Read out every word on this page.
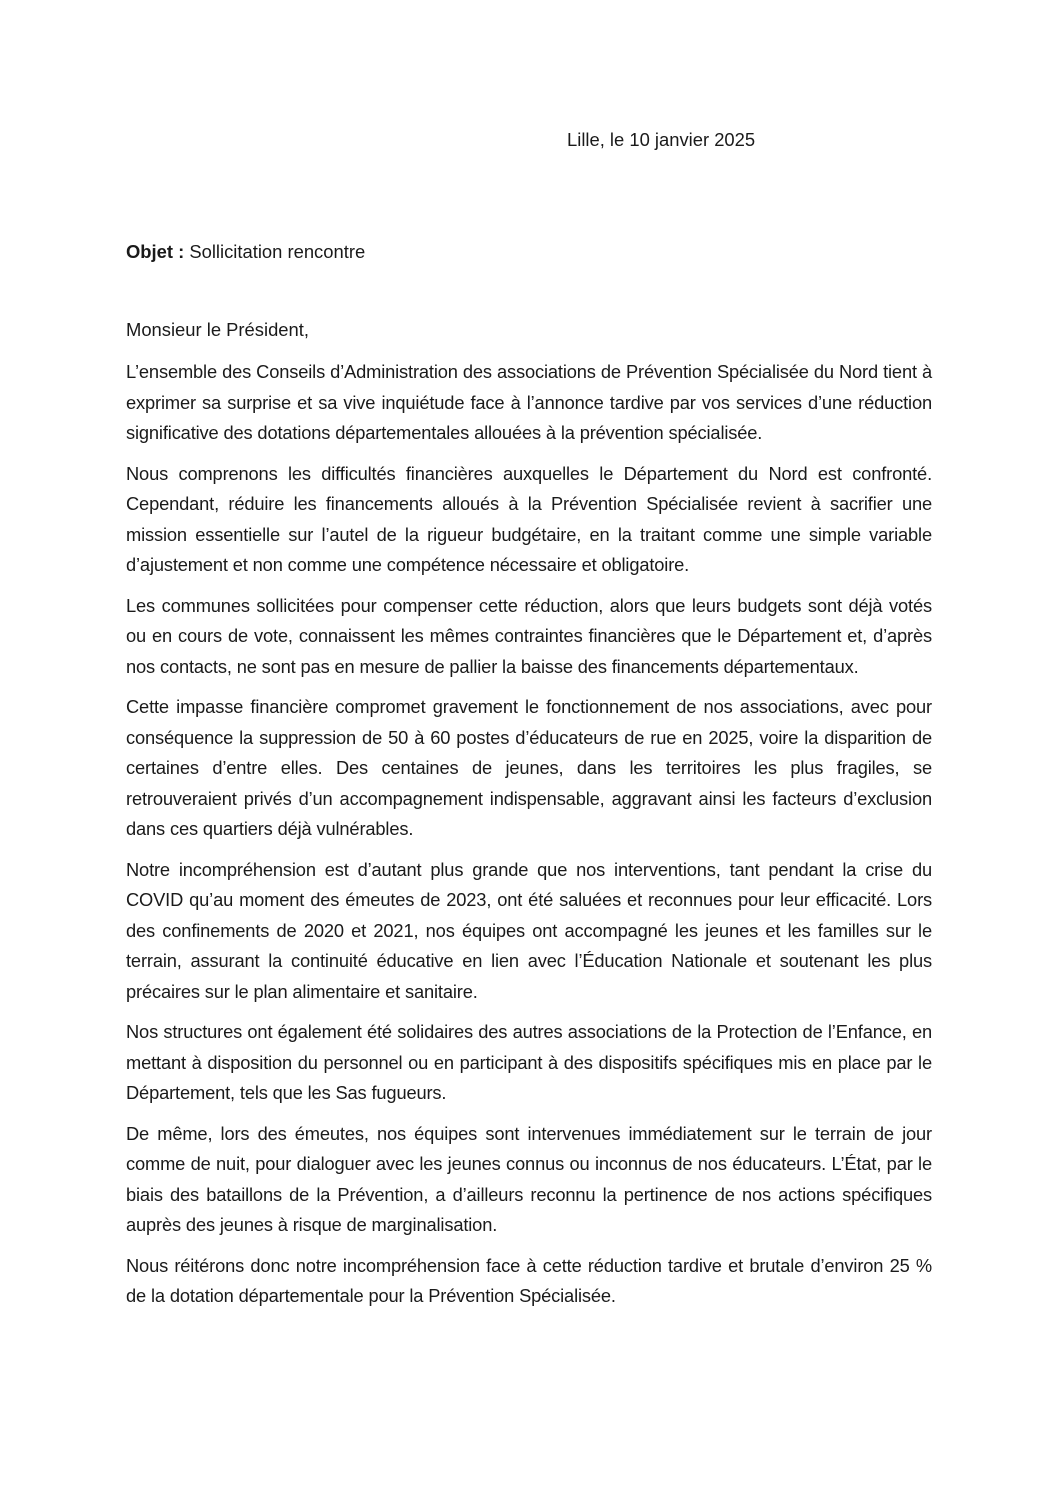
Lille, le 10 janvier 2025
Objet : Sollicitation rencontre
Monsieur le Président,

L’ensemble des Conseils d’Administration des associations de Prévention Spécialisée du Nord tient à exprimer sa surprise et sa vive inquiétude face à l’annonce tardive par vos services d’une réduction significative des dotations départementales allouées à la prévention spécialisée.

Nous comprenons les difficultés financières auxquelles le Département du Nord est confronté. Cependant, réduire les financements alloués à la Prévention Spécialisée revient à sacrifier une mission essentielle sur l’autel de la rigueur budgétaire, en la traitant comme une simple variable d’ajustement et non comme une compétence nécessaire et obligatoire.

Les communes sollicitées pour compenser cette réduction, alors que leurs budgets sont déjà votés ou en cours de vote, connaissent les mêmes contraintes financières que le Département et, d’après nos contacts, ne sont pas en mesure de pallier la baisse des financements départementaux.

Cette impasse financière compromet gravement le fonctionnement de nos associations, avec pour conséquence la suppression de 50 à 60 postes d’éducateurs de rue en 2025, voire la disparition de certaines d’entre elles. Des centaines de jeunes, dans les territoires les plus fragiles, se retrouveraient privés d’un accompagnement indispensable, aggravant ainsi les facteurs d’exclusion dans ces quartiers déjà vulnérables.

Notre incompréhension est d’autant plus grande que nos interventions, tant pendant la crise du COVID qu’au moment des émeutes de 2023, ont été saluées et reconnues pour leur efficacité. Lors des confinements de 2020 et 2021, nos équipes ont accompagné les jeunes et les familles sur le terrain, assurant la continuité éducative en lien avec l’Éducation Nationale et soutenant les plus précaires sur le plan alimentaire et sanitaire.

Nos structures ont également été solidaires des autres associations de la Protection de l’Enfance, en mettant à disposition du personnel ou en participant à des dispositifs spécifiques mis en place par le Département, tels que les Sas fugueurs.

De même, lors des émeutes, nos équipes sont intervenues immédiatement sur le terrain de jour comme de nuit, pour dialoguer avec les jeunes connus ou inconnus de nos éducateurs. L’État, par le biais des bataillons de la Prévention, a d’ailleurs reconnu la pertinence de nos actions spécifiques auprès des jeunes à risque de marginalisation.

Nous réitérons donc notre incompréhension face à cette réduction tardive et brutale d’environ 25 % de la dotation départementale pour la Prévention Spécialisée.
